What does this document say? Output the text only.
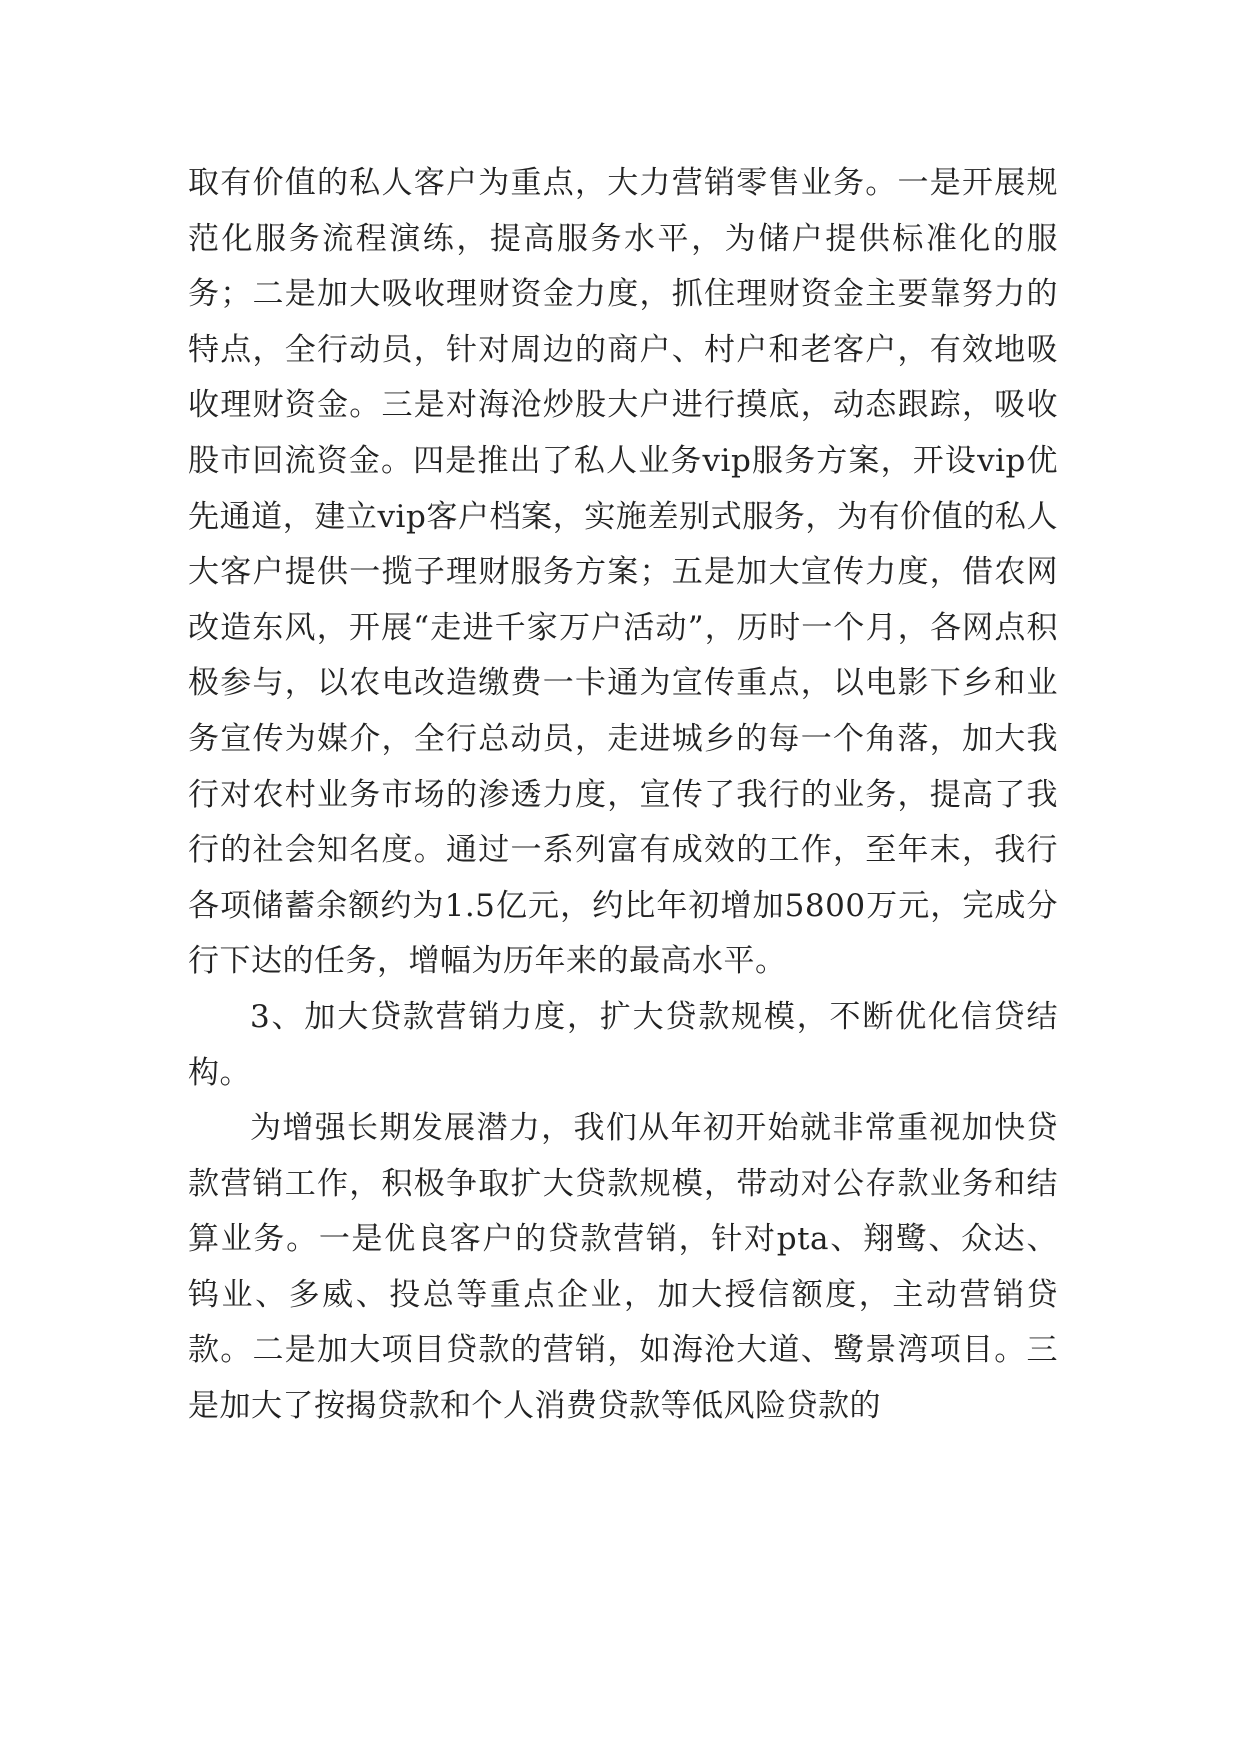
取有价值的私人客户为重点，大力营销零售业务。一是开展规范化服务流程演练，提高服务水平，为储户提供标准化的服务；二是加大吸收理财资金力度，抓住理财资金主要靠努力的特点，全行动员，针对周边的商户、村户和老客户，有效地吸收理财资金。三是对海沧炒股大户进行摸底，动态跟踪，吸收股市回流资金。四是推出了私人业务vip服务方案，开设vip优先通道，建立vip客户档案，实施差别式服务，为有价值的私人大客户提供一揽子理财服务方案；五是加大宣传力度，借农网改造东风，开展“走进千家万户活动”，历时一个月，各网点积极参与，以农电改造缴费一卡通为宣传重点，以电影下乡和业务宣传为媒介，全行总动员，走进城乡的每一个角落，加大我行对农村业务市场的渗透力度，宣传了我行的业务，提高了我行的社会知名度。通过一系列富有成效的工作，至年末，我行各项储蓄余额约为1.5亿元，约比年初增加5800万元，完成分行下达的任务，增幅为历年来的最高水平。

3、加大贷款营销力度，扩大贷款规模，不断优化信贷结构。

为增强长期发展潜力，我们从年初开始就非常重视加快贷款营销工作，积极争取扩大贷款规模，带动对公存款业务和结算业务。一是优良客户的贷款营销，针对pta、翔鹭、众达、钨业、多威、投总等重点企业，加大授信额度，主动营销贷款。二是加大项目贷款的营销，如海沧大道、鹭景湾项目。三是加大了按揭贷款和个人消费贷款等低风险贷款的
